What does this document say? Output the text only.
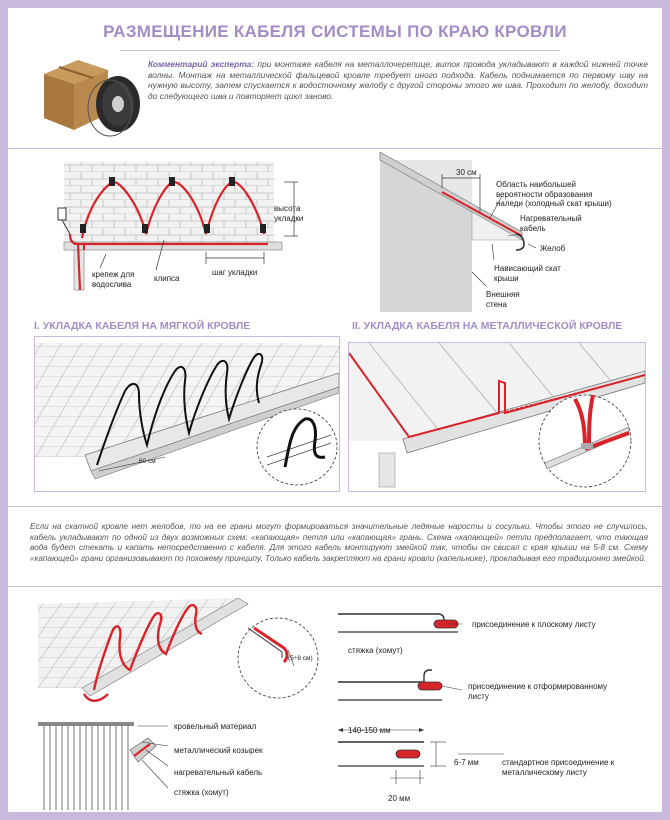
РАЗМЕЩЕНИЕ КАБЕЛЯ СИСТЕМЫ ПО КРАЮ КРОВЛИ
Комментарий эксперта: при монтаже кабеля на металлочерепице, виток провода укладывают в каждой нижней точке волны. Монтаж на металлической фальцевой кровле требует иного подхода. Кабель поднимается по первому шву на нужную высоту, затем спускается к водосточному желобу с другой стороны этого же шва. Проходит по желобу, доходит до следующего шва и повторяет цикл заново.
высота укладки
крепеж для водослива
клипса
шаг укладки
30 см
Область наибольшей вероятности образования наледи (холодный скат крыши)
Нагревательный кабель
Желоб
Нависающий скат крыши
Внешняя стена
I. УКЛАДКА КАБЕЛЯ НА МЯГКОЙ КРОВЛЕ	II. УКЛАДКА КАБЕЛЯ НА МЕТАЛЛИЧЕСКОЙ КРОВЛЕ
60 см
Если на скатной кровле нет желобов, то на ее грани могут формироваться значительные ледяные наросты и сосульки. Чтобы этого не случилось, кабель укладывают по одной из двух возможных схем: «капающая» петля или «капающая» грань. Схема «капающей» петли предполагает, что тающая вода будет стекать и капать непосредственно с кабеля. Для этого кабель монтируют змейкой так, чтобы он свисал с края крыши на 5-8 см. Схему «капающей» грани организовывают по похожему принципу. Только кабель закрепляют на грани кровли (капельнике), прокладывая его традиционно змейкой.
(5÷8 см)
кровельный материал
металлический козырек
нагревательный кабель
стяжка (хомут)
стяжка (хомут)
присоединение к плоскому листу
присоединение к отформированному листу
140-150 мм
6-7 мм	стандартное присоединение к металлическому листу
20 мм
